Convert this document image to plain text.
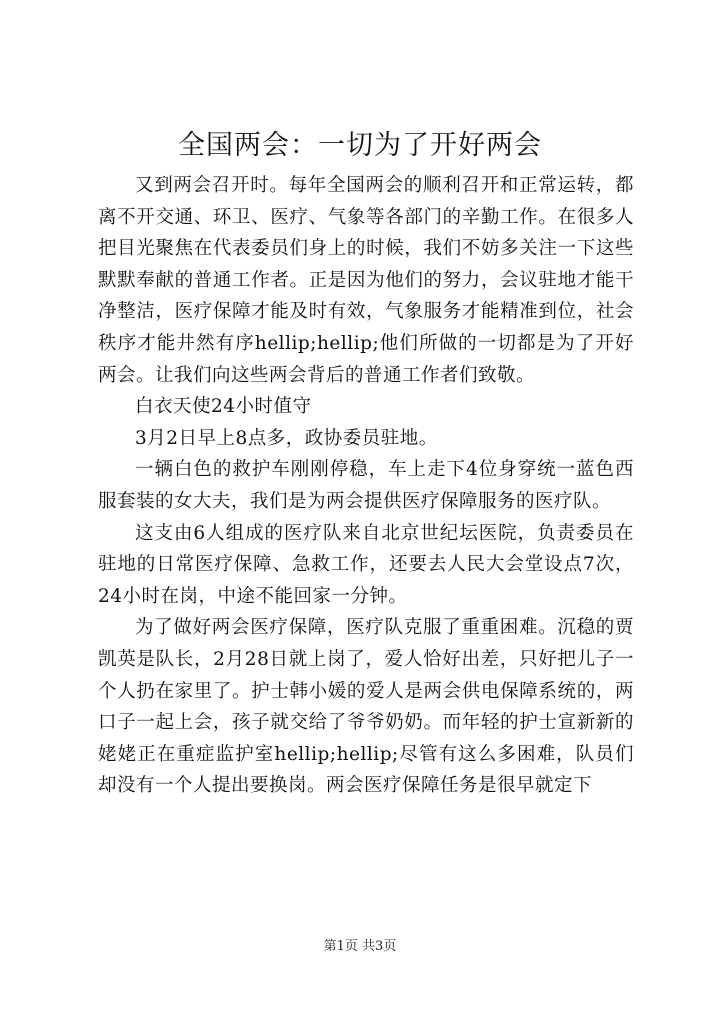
全国两会：一切为了开好两会

又到两会召开时。每年全国两会的顺利召开和正常运转，都离不开交通、环卫、医疗、气象等各部门的辛勤工作。在很多人把目光聚焦在代表委员们身上的时候，我们不妨多关注一下这些默默奉献的普通工作者。正是因为他们的努力，会议驻地才能干净整洁，医疗保障才能及时有效，气象服务才能精准到位，社会秩序才能井然有序hellip;hellip;他们所做的一切都是为了开好两会。让我们向这些两会背后的普通工作者们致敬。

白衣天使24小时值守

3月2日早上8点多，政协委员驻地。

一辆白色的救护车刚刚停稳，车上走下4位身穿统一蓝色西服套装的女大夫，我们是为两会提供医疗保障服务的医疗队。

这支由6人组成的医疗队来自北京世纪坛医院，负责委员在驻地的日常医疗保障、急救工作，还要去人民大会堂设点7次，24小时在岗，中途不能回家一分钟。

为了做好两会医疗保障，医疗队克服了重重困难。沉稳的贾凯英是队长，2月28日就上岗了，爱人恰好出差，只好把儿子一个人扔在家里了。护士韩小媛的爱人是两会供电保障系统的，两口子一起上会，孩子就交给了爷爷奶奶。而年轻的护士宣新新的姥姥正在重症监护室hellip;hellip;尽管有这么多困难，队员们却没有一个人提出要换岗。两会医疗保障任务是很早就定下

第1页 共3页
